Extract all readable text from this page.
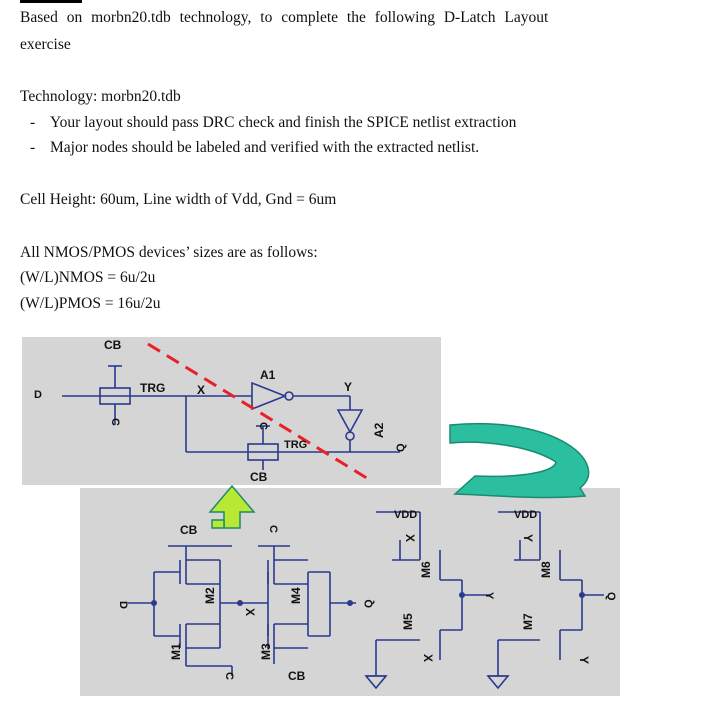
Based on morbn20.tdb technology, to complete the following D-Latch Layout
exercise
Technology: morbn20.tdb
- Your layout should pass DRC check and finish the SPICE netlist extraction
- Major nodes should be labeled and verified with the extracted netlist.
Cell Height: 60um, Line width of Vdd, Gnd = 6um
All NMOS/PMOS devices’ sizes are as follows:
(W/L)NMOS = 6u/2u
(W/L)PMOS = 16u/2u
CB
TRG	X
A1
Y
D
C
C
TRG
A2
Q
CB
CB	C
D
M1
M2
X
M3
M4	Q
C	CB
VDD
X
M6
M5
Y
X
VDD
Y
M8
M7
Q
Y
